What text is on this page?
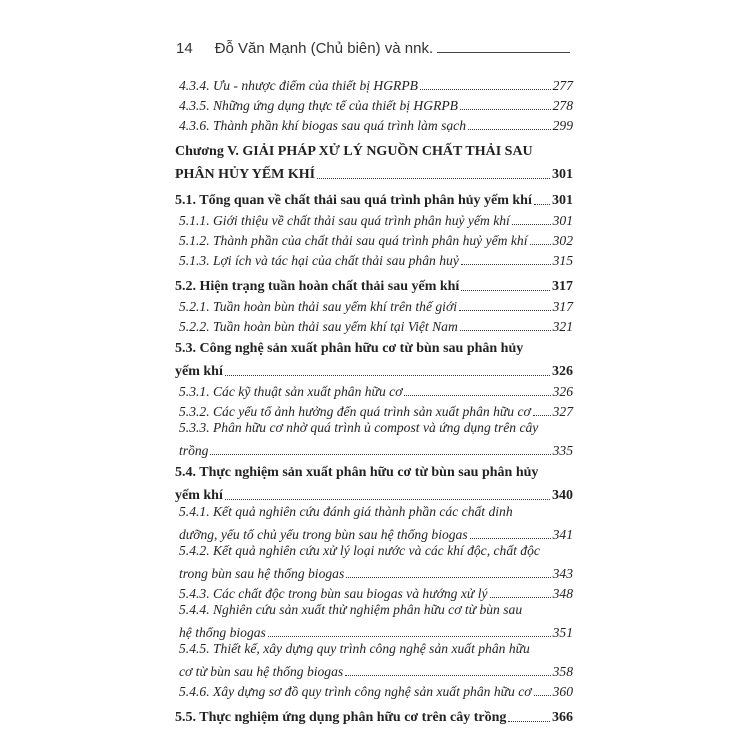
14 Đỗ Văn Mạnh (Chủ biên) và nnk.
4.3.4. Ưu - nhược điểm của thiết bị HGRPB	277
4.3.5. Những ứng dụng thực tế của thiết bị HGRPB	278
4.3.6. Thành phần khí biogas sau quá trình làm sạch	299
Chương V. GIẢI PHÁP XỬ LÝ NGUỒN CHẤT THẢI SAU
PHÂN HỦY YẾM KHÍ	301
5.1. Tổng quan về chất thải sau quá trình phân hủy yếm khí 301
5.1.1. Giới thiệu về chất thải sau quá trình phân huỷ yếm khí	301
5.1.2. Thành phần của chất thải sau quá trình phân huỷ yếm khí 302
5.1.3. Lợi ích và tác hại của chất thải sau phân huỷ	315
5.2. Hiện trạng tuần hoàn chất thải sau yếm khí	317
5.2.1. Tuần hoàn bùn thải sau yếm khí trên thế giới	317
5.2.2. Tuần hoàn bùn thải sau yếm khí tại Việt Nam	321
5.3. Công nghệ sản xuất phân hữu cơ từ bùn sau phân hủy
yếm khí	326
5.3.1. Các kỹ thuật sản xuất phân hữu cơ	326
5.3.2. Các yếu tố ảnh hưởng đến quá trình sản xuất phân hữu cơ 327
5.3.3. Phân hữu cơ nhờ quá trình ủ compost và ứng dụng trên cây
trồng	335
5.4. Thực nghiệm sản xuất phân hữu cơ từ bùn sau phân hủy
yếm khí	340
5.4.1. Kết quả nghiên cứu đánh giá thành phần các chất dinh
dưỡng, yếu tố chủ yếu trong bùn sau hệ thống biogas	341
5.4.2. Kết quả nghiên cứu xử lý loại nước và các khí độc, chất độc
trong bùn sau hệ thống biogas	343
5.4.3. Các chất độc trong bùn sau biogas và hướng xử lý	348
5.4.4. Nghiên cứu sản xuất thử nghiệm phân hữu cơ từ bùn sau
hệ thống biogas	351
5.4.5. Thiết kế, xây dựng quy trình công nghệ sản xuất phân hữu
cơ từ bùn sau hệ thống biogas	358
5.4.6. Xây dựng sơ đồ quy trình công nghệ sản xuất phân hữu cơ 360
5.5. Thực nghiệm ứng dụng phân hữu cơ trên cây trồng	366
